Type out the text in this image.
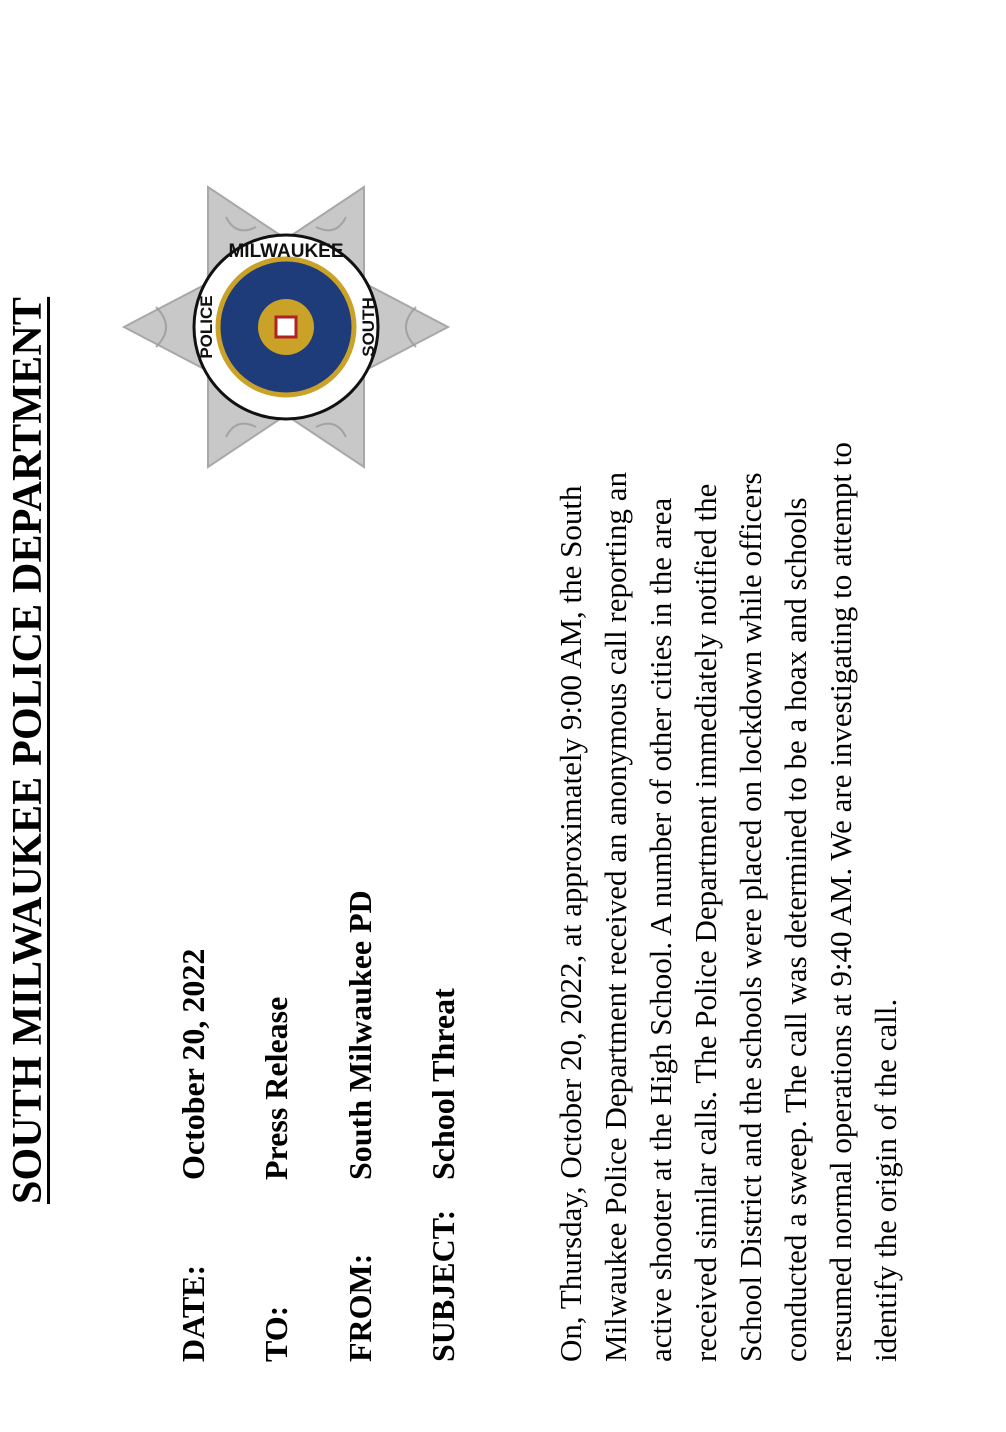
SOUTH MILWAUKEE POLICE DEPARTMENT
MILWAUKEE
SOUTH
POLICE
DATE:
October 20, 2022
TO:
Press Release
FROM:
South Milwaukee PD
SUBJECT:
School Threat	On, Thursday, October 20, 2022, at approximately 9:00 AM, the South Milwaukee Police Department received an anonymous call reporting an active shooter at the High School. A number of other cities in the area received similar calls. The Police Department immediately notified the School District and the schools were placed on lockdown while officers conducted a sweep. The call was determined to be a hoax and schools resumed normal operations at 9:40 AM. We are investigating to attempt to identify the origin of the call.
